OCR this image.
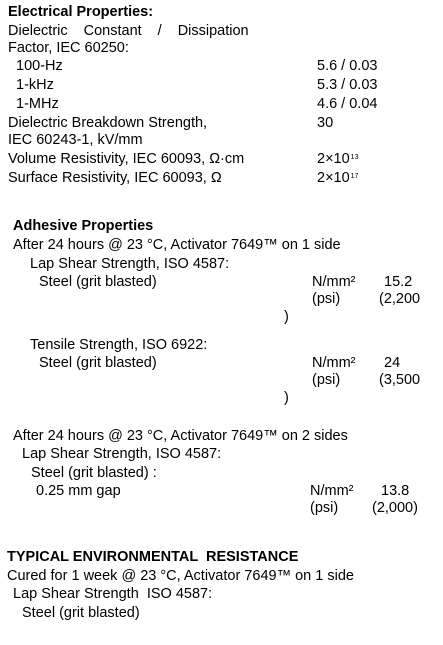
Electrical Properties:
Dielectric Constant / Dissipation
Factor, IEC 60250:
100-Hz	5.6 / 0.03
1-kHz	5.3 / 0.03
1-MHz	4.6 / 0.04
Dielectric Breakdown Strength,	30
IEC 60243-1, kV/mm
Volume Resistivity, IEC 60093, Ω·cm	$2\times 10^{13}$
Surface Resistivity, IEC 60093, Ω	$2\times 10^{17}$
Adhesive Properties
After 24 hours @ 23 °C, Activator 7649™ on 1 side
Lap Shear Strength, ISO 4587:
Steel (grit blasted)	N/mm² 15.2
(psi)	(2,200
)
Tensile Strength, ISO 6922:
Steel (grit blasted)	N/mm² 24
(psi)	(3,500
)
After 24 hours @ 23 °C, Activator 7649™ on 2 sides
Lap Shear Strength, ISO 4587:
Steel (grit blasted) :
0.25 mm gap	N/mm² 13.8
(psi) (2,000)
TYPICAL ENVIRONMENTAL  RESISTANCE
Cured for 1 week @ 23 °C, Activator 7649™ on 1 side
Lap Shear Strength  ISO 4587:
Steel (grit blasted)
